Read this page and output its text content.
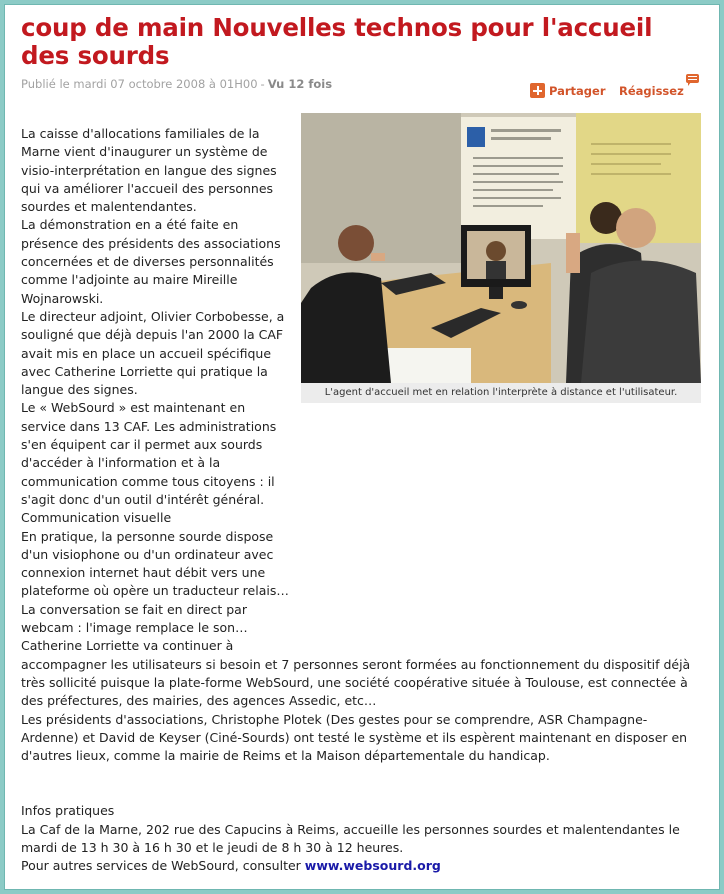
coup de main Nouvelles technos pour l'accueil des sourds
Publié le mardi 07 octobre 2008 à 01H00 - Vu 12 fois	Partager Réagissez
L'agent d'accueil met en relation l'interprète à distance et l'utilisateur.

La caisse d'allocations familiales de la Marne vient d'inaugurer un système de visio-interprétation en langue des signes qui va améliorer l'accueil des personnes sourdes et malentendantes.

La démonstration en a été faite en présence des présidents des associations concernées et de diverses personnalités comme l'adjointe au maire Mireille Wojnarowski.

Le directeur adjoint, Olivier Corbobesse, a souligné que déjà depuis l'an 2000 la CAF avait mis en place un accueil spécifique avec Catherine Lorriette qui pratique la langue des signes.

Le « WebSourd » est maintenant en service dans 13 CAF. Les administrations s'en équipent car il permet aux sourds d'accéder à l'information et à la communication comme tous citoyens : il s'agit donc d'un outil d'intérêt général.

Communication visuelle

En pratique, la personne sourde dispose d'un visiophone ou d'un ordinateur avec connexion internet haut débit vers une plateforme où opère un traducteur relais…

La conversation se fait en direct par webcam : l'image remplace le son…

Catherine Lorriette va continuer à accompagner les utilisateurs si besoin et 7 personnes seront formées au fonctionnement du dispositif déjà très sollicité puisque la plate-forme WebSourd, une société coopérative située à Toulouse, est connectée à des préfectures, des mairies, des agences Assedic, etc…

Les présidents d'associations, Christophe Plotek (Des gestes pour se comprendre, ASR Champagne-Ardenne) et David de Keyser (Ciné-Sourds) ont testé le système et ils espèrent maintenant en disposer en d'autres lieux, comme la mairie de Reims et la Maison départementale du handicap.

Infos pratiques

La Caf de la Marne, 202 rue des Capucins à Reims, accueille les personnes sourdes et malentendantes le mardi de 13 h 30 à 16 h 30 et le jeudi de 8 h 30 à 12 heures.

Pour autres services de WebSourd, consulter www.websourd.org
